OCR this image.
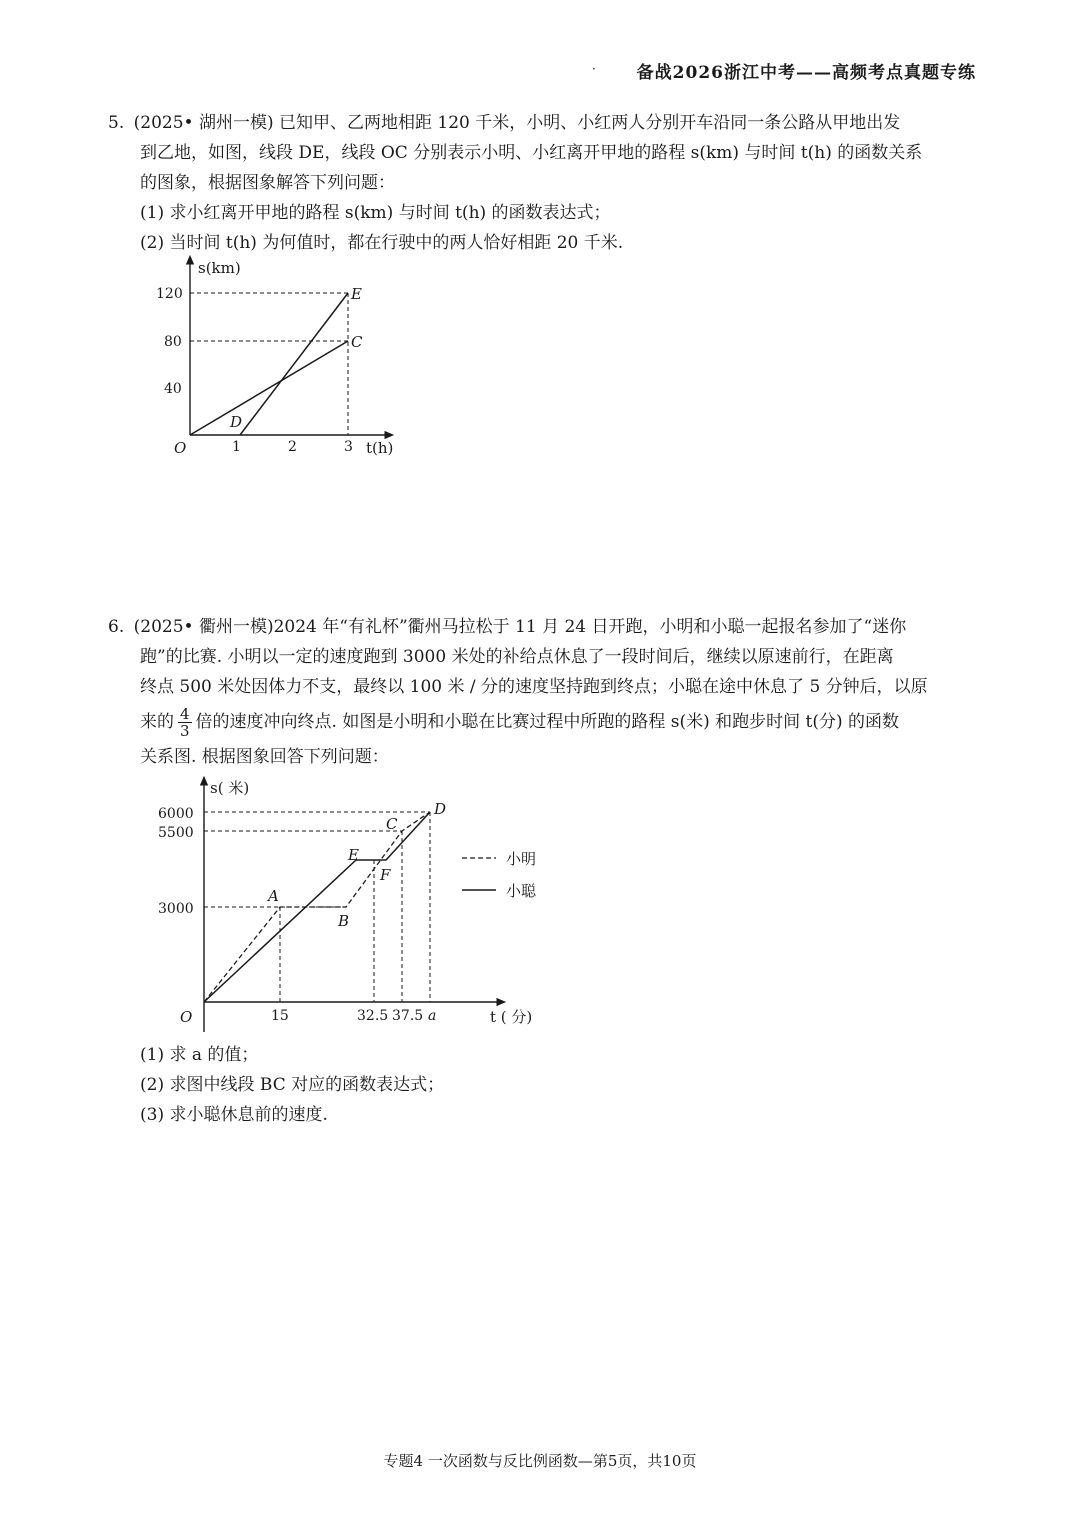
· 备战2026浙江中考——高频考点真题专练

5. (2025• 湖州一模) 已知甲、乙两地相距 120 千米，小明、小红两人分别开车沿同一条公路从甲地出发

到乙地，如图，线段 DE，线段 OC 分别表示小明、小红离开甲地的路程 s(km) 与时间 t(h) 的函数关系

的图象，根据图象解答下列问题：

(1) 求小红离开甲地的路程 s(km) 与时间 t(h) 的函数表达式；

(2) 当时间 t(h) 为何值时，都在行驶中的两人恰好相距 20 千米.

s(km)
t(h)
O
40
80
120
1	2	3
D
E
C

6. (2025• 衢州一模)2024 年“有礼杯”衢州马拉松于 11 月 24 日开跑，小明和小聪一起报名参加了“迷你

跑”的比赛. 小明以一定的速度跑到 3000 米处的补给点休息了一段时间后，继续以原速前行，在距离

终点 500 米处因体力不支，最终以 100 米 / 分的速度坚持跑到终点；小聪在途中休息了 5 分钟后，以原

来的 $\frac{4}{3}$ 倍的速度冲向终点. 如图是小明和小聪在比赛过程中所跑的路程 s(米) 和跑步时间 t(分) 的函数

关系图. 根据图象回答下列问题：

s( 米)
t ( 分)
O
6000
5500
3000
15	32.5 37.5 a
A
B
C
D
E
F
小明
小聪

(1) 求 a 的值；

(2) 求图中线段 BC 对应的函数表达式；

(3) 求小聪休息前的速度.

专题4 一次函数与反比例函数—第5页，共10页
